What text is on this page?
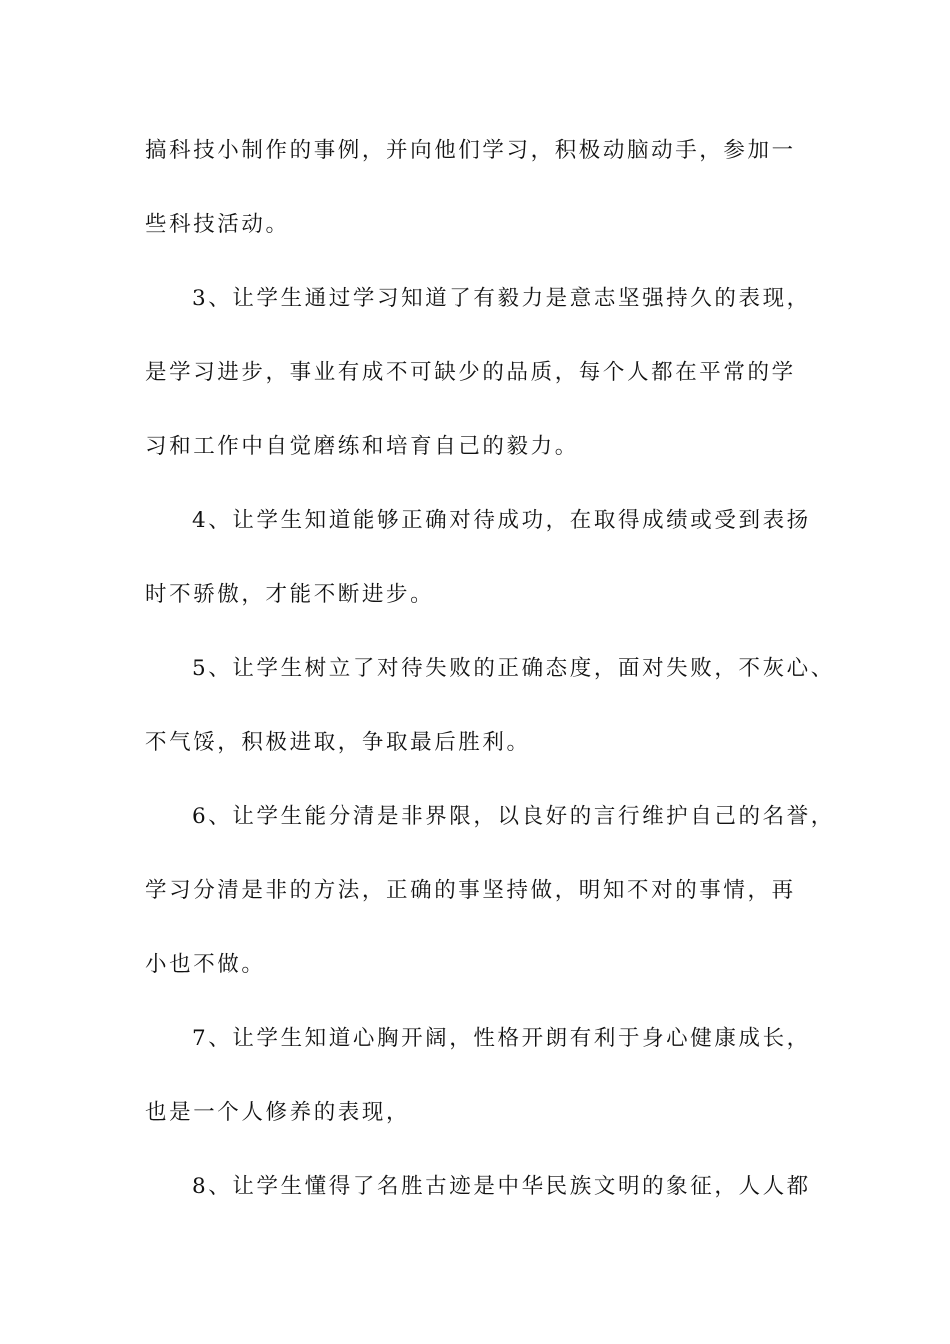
搞科技小制作的事例，并向他们学习，积极动脑动手，参加一
些科技活动。
3、让学生通过学习知道了有毅力是意志坚强持久的表现，
是学习进步，事业有成不可缺少的品质，每个人都在平常的学
习和工作中自觉磨练和培育自己的毅力。
4、让学生知道能够正确对待成功，在取得成绩或受到表扬
时不骄傲，才能不断进步。
5、让学生树立了对待失败的正确态度，面对失败，不灰心、
不气馁，积极进取，争取最后胜利。
6、让学生能分清是非界限，以良好的言行维护自己的名誉，
学习分清是非的方法，正确的事坚持做，明知不对的事情，再
小也不做。
7、让学生知道心胸开阔，性格开朗有利于身心健康成长，
也是一个人修养的表现，
8、让学生懂得了名胜古迹是中华民族文明的象征，人人都
